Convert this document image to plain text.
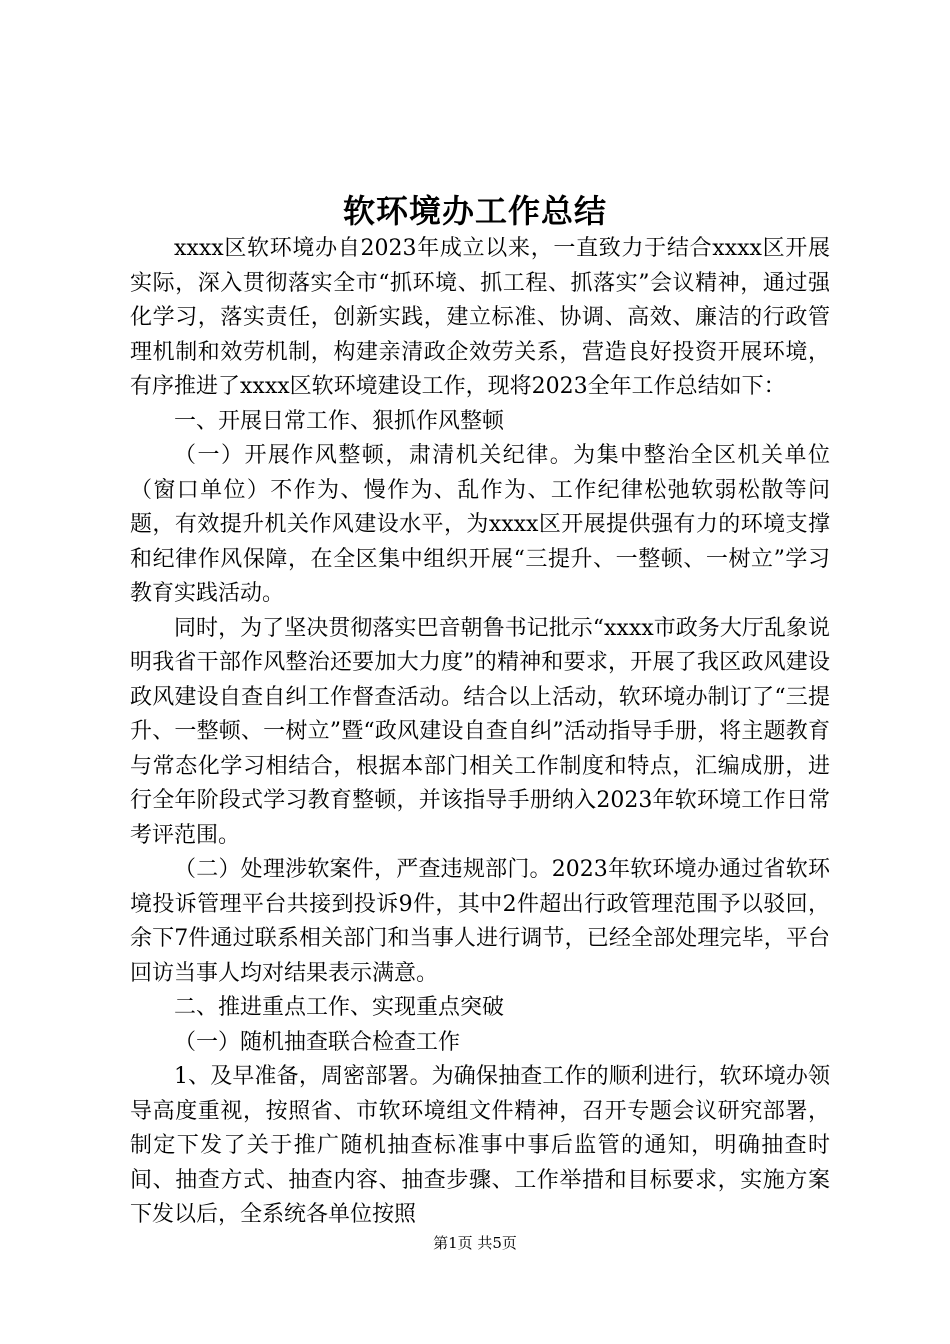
软环境办工作总结

xxxx区软环境办自2023年成立以来，一直致力于结合xxxx区开展实际，深入贯彻落实全市“抓环境、抓工程、抓落实”会议精神，通过强化学习，落实责任，创新实践，建立标准、协调、高效、廉洁的行政管理机制和效劳机制，构建亲清政企效劳关系，营造良好投资开展环境，有序推进了xxxx区软环境建设工作，现将2023全年工作总结如下：

一、开展日常工作、狠抓作风整顿

（一）开展作风整顿，肃清机关纪律。为集中整治全区机关单位（窗口单位）不作为、慢作为、乱作为、工作纪律松弛软弱松散等问题，有效提升机关作风建设水平，为xxxx区开展提供强有力的环境支撑和纪律作风保障，在全区集中组织开展“三提升、一整顿、一树立”学习教育实践活动。

同时，为了坚决贯彻落实巴音朝鲁书记批示“xxxx市政务大厅乱象说明我省干部作风整治还要加大力度”的精神和要求，开展了我区政风建设政风建设自查自纠工作督查活动。结合以上活动，软环境办制订了“三提升、一整顿、一树立”暨“政风建设自查自纠”活动指导手册，将主题教育与常态化学习相结合，根据本部门相关工作制度和特点，汇编成册，进行全年阶段式学习教育整顿，并该指导手册纳入2023年软环境工作日常考评范围。

（二）处理涉软案件，严查违规部门。2023年软环境办通过省软环境投诉管理平台共接到投诉9件，其中2件超出行政管理范围予以驳回，余下7件通过联系相关部门和当事人进行调节，已经全部处理完毕，平台回访当事人均对结果表示满意。

二、推进重点工作、实现重点突破

（一）随机抽查联合检查工作

1、及早准备，周密部署。为确保抽查工作的顺利进行，软环境办领导高度重视，按照省、市软环境组文件精神，召开专题会议研究部署，制定下发了关于推广随机抽查标准事中事后监管的通知，明确抽查时间、抽查方式、抽查内容、抽查步骤、工作举措和目标要求，实施方案下发以后，全系统各单位按照

第1页 共5页
